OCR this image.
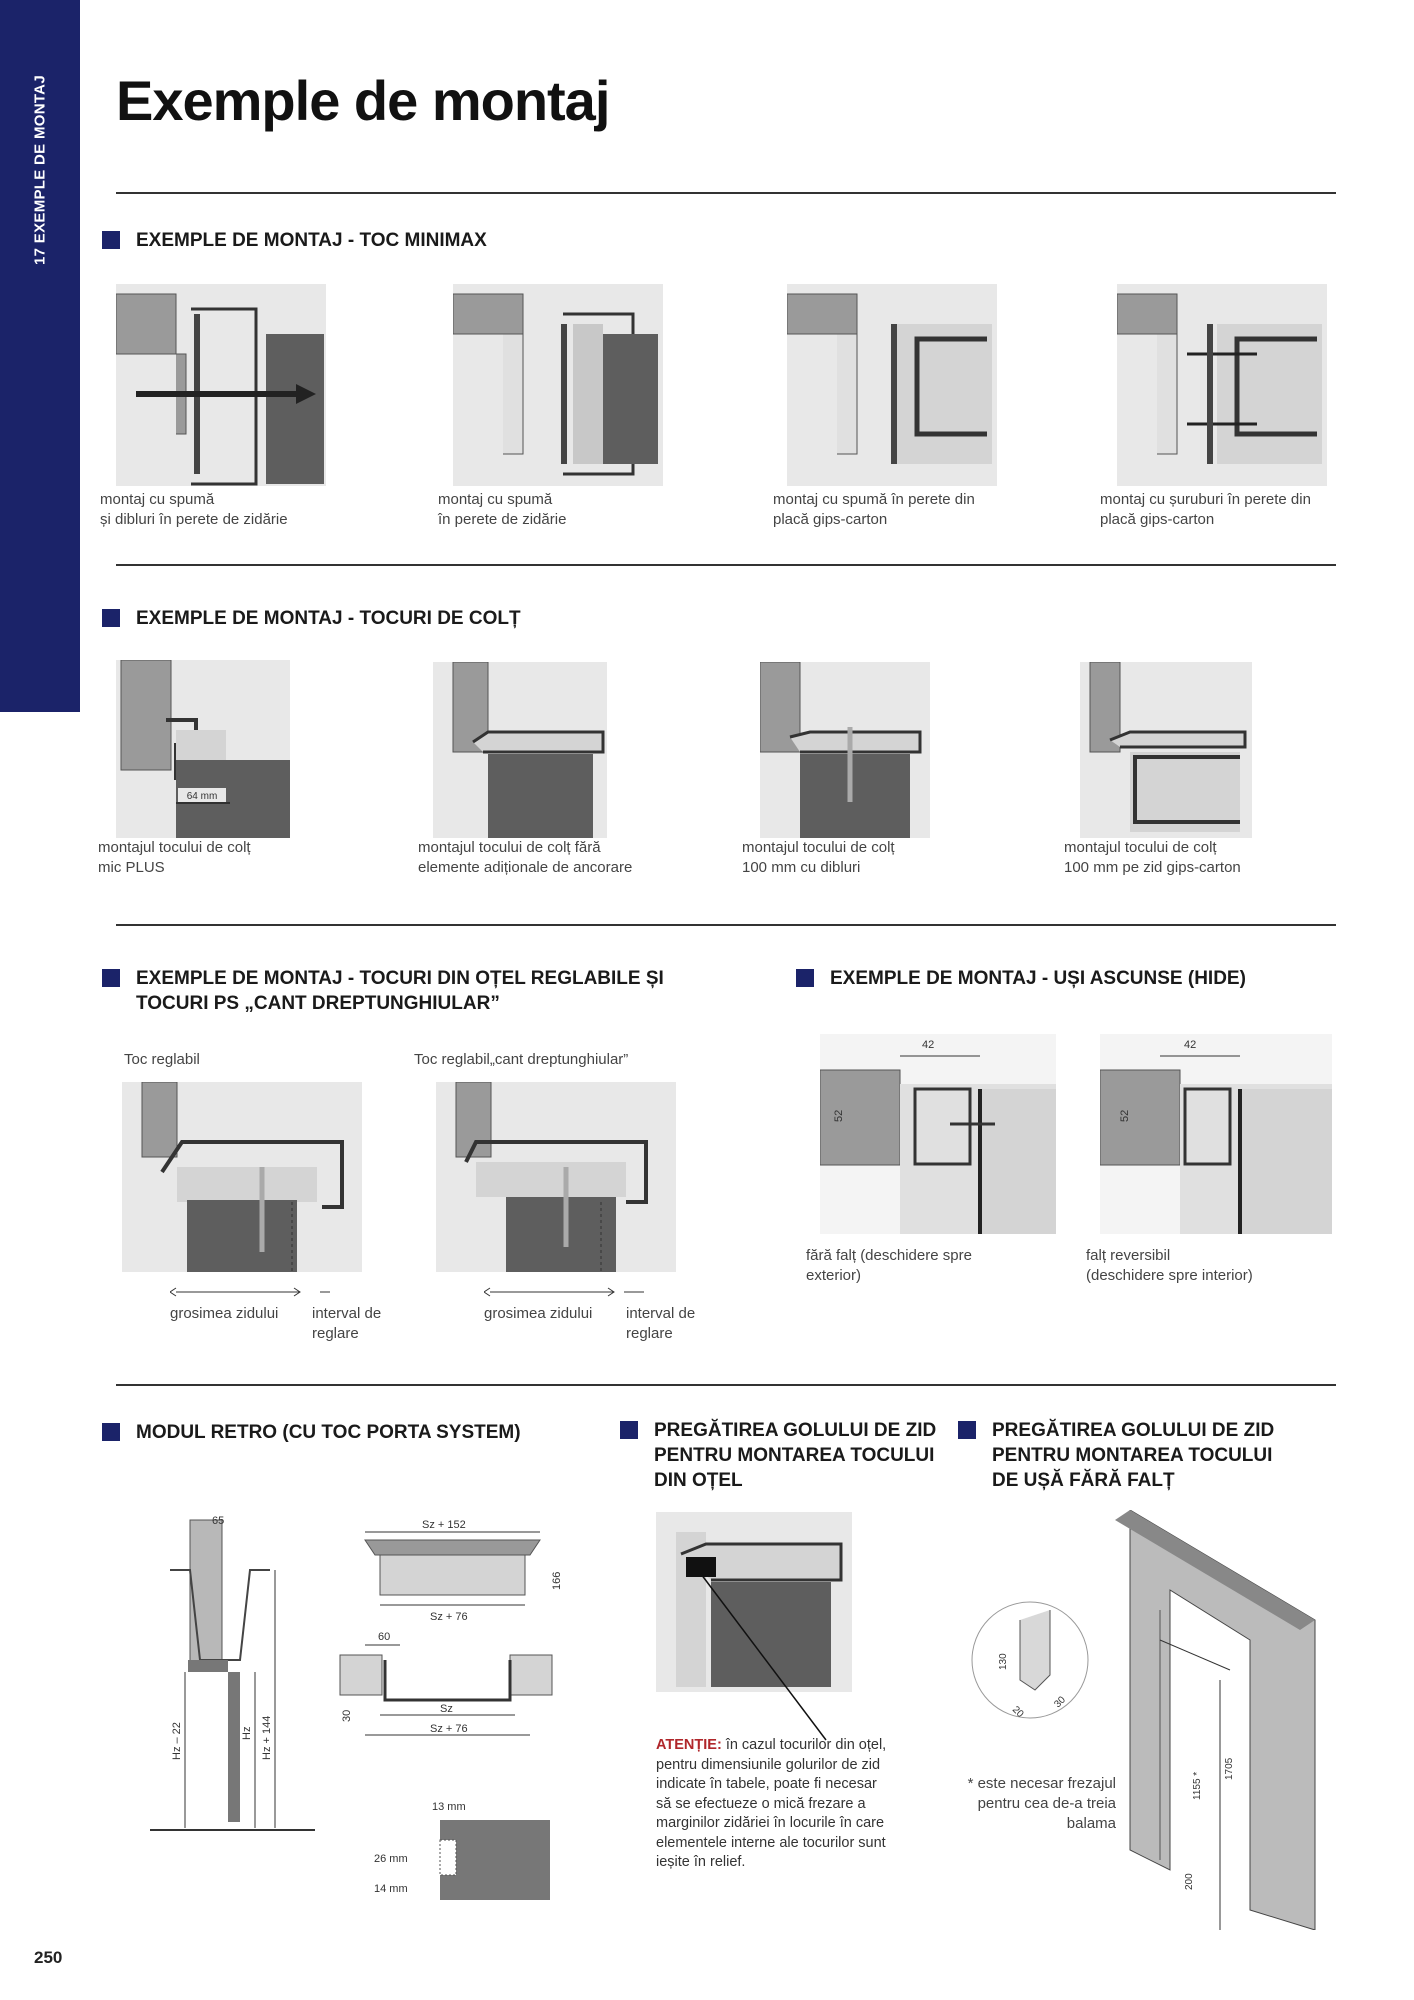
17 EXEMPLE DE MONTAJ Exemple de montaj
EXEMPLE DE MONTAJ - TOC MINIMAX
montaj cu spumă
și dibluri în perete de zidărie
montaj cu spumă
în perete de zidărie
montaj cu spumă în perete din
placă gips-carton
montaj cu șuruburi în perete din
placă gips-carton
EXEMPLE DE MONTAJ - TOCURI DE COLȚ
64 mm
montajul tocului de colț
mic PLUS
montajul tocului de colț fără
elemente adiționale de ancorare
montajul tocului de colț
100 mm cu dibluri
montajul tocului de colț
100 mm pe zid gips-carton
EXEMPLE DE MONTAJ - TOCURI DIN OȚEL REGLABILE ȘI
TOCURI PS „CANT DREPTUNGHIULAR”
Toc reglabil	Toc reglabil„cant dreptunghiular”
grosimea zidului interval de
reglare
grosimea zidului interval de
reglare
EXEMPLE DE MONTAJ - UȘI ASCUNSE (HIDE)
42
52
42
52
fără falț (deschidere spre
exterior)
falț reversibil
(deschidere spre interior)
MODUL RETRO (CU TOC PORTA SYSTEM)
65
Hz – 22	Hz Hz + 144
Sz + 152
Sz + 76
166
60
Sz
Sz + 76
30
13 mm
26 mm
14 mm
PREGĂTIREA GOLULUI DE ZID
PENTRU MONTAREA TOCULUI
DIN OȚEL
ATENȚIE: în cazul tocurilor din oțel, pentru dimensiunile golurilor de zid indicate în tabele, poate fi necesar să se efectueze o mică frezare a marginilor zidăriei în locurile în care elementele interne ale tocurilor sunt ieșite în relief.
PREGĂTIREA GOLULUI DE ZID
PENTRU MONTAREA TOCULUI
DE UȘĂ FĂRĂ FALȚ
130
20
30
1155 *
1705
200
* este necesar frezajul
pentru cea de-a treia
balama
250
